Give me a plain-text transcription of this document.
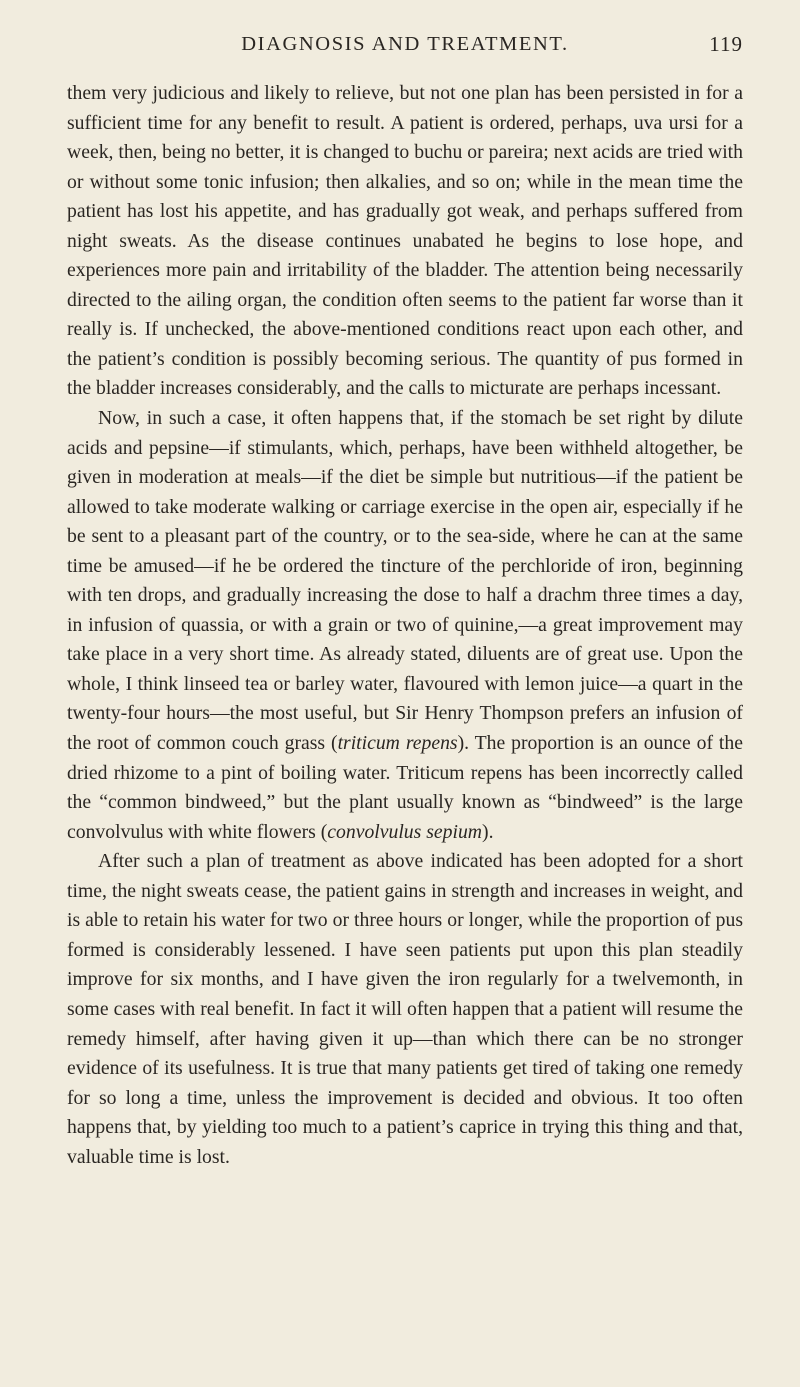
DIAGNOSIS AND TREATMENT.	119

them very judicious and likely to relieve, but not one plan has been persisted in for a sufficient time for any benefit to result. A patient is ordered, perhaps, uva ursi for a week, then, being no better, it is changed to buchu or pareira; next acids are tried with or without some tonic infusion; then alkalies, and so on; while in the mean time the patient has lost his appetite, and has gradually got weak, and perhaps suffered from night sweats. As the disease continues unabated he begins to lose hope, and experiences more pain and irritability of the bladder. The attention being necessarily directed to the ailing organ, the condition often seems to the patient far worse than it really is. If unchecked, the above-mentioned conditions react upon each other, and the patient’s condition is possibly becoming serious. The quantity of pus formed in the bladder increases considerably, and the calls to micturate are perhaps incessant.

Now, in such a case, it often happens that, if the stomach be set right by dilute acids and pepsine—if stimulants, which, perhaps, have been withheld altogether, be given in moderation at meals—if the diet be simple but nutritious—if the patient be allowed to take moderate walking or carriage exercise in the open air, especially if he be sent to a pleasant part of the country, or to the sea-side, where he can at the same time be amused—if he be ordered the tincture of the perchloride of iron, beginning with ten drops, and gradually increasing the dose to half a drachm three times a day, in infusion of quassia, or with a grain or two of quinine,—a great improvement may take place in a very short time. As already stated, diluents are of great use. Upon the whole, I think linseed tea or barley water, flavoured with lemon juice—a quart in the twenty-four hours—the most useful, but Sir Henry Thompson prefers an infusion of the root of common couch grass (triticum repens). The proportion is an ounce of the dried rhizome to a pint of boiling water. Triticum repens has been incorrectly called the “common bindweed,” but the plant usually known as “bindweed” is the large convolvulus with white flowers (convolvulus sepium).

After such a plan of treatment as above indicated has been adopted for a short time, the night sweats cease, the patient gains in strength and increases in weight, and is able to retain his water for two or three hours or longer, while the proportion of pus formed is considerably lessened. I have seen patients put upon this plan steadily improve for six months, and I have given the iron regularly for a twelvemonth, in some cases with real benefit. In fact it will often happen that a patient will resume the remedy himself, after having given it up—than which there can be no stronger evidence of its usefulness. It is true that many patients get tired of taking one remedy for so long a time, unless the improvement is decided and obvious. It too often happens that, by yielding too much to a patient’s caprice in trying this thing and that, valuable time is lost.
